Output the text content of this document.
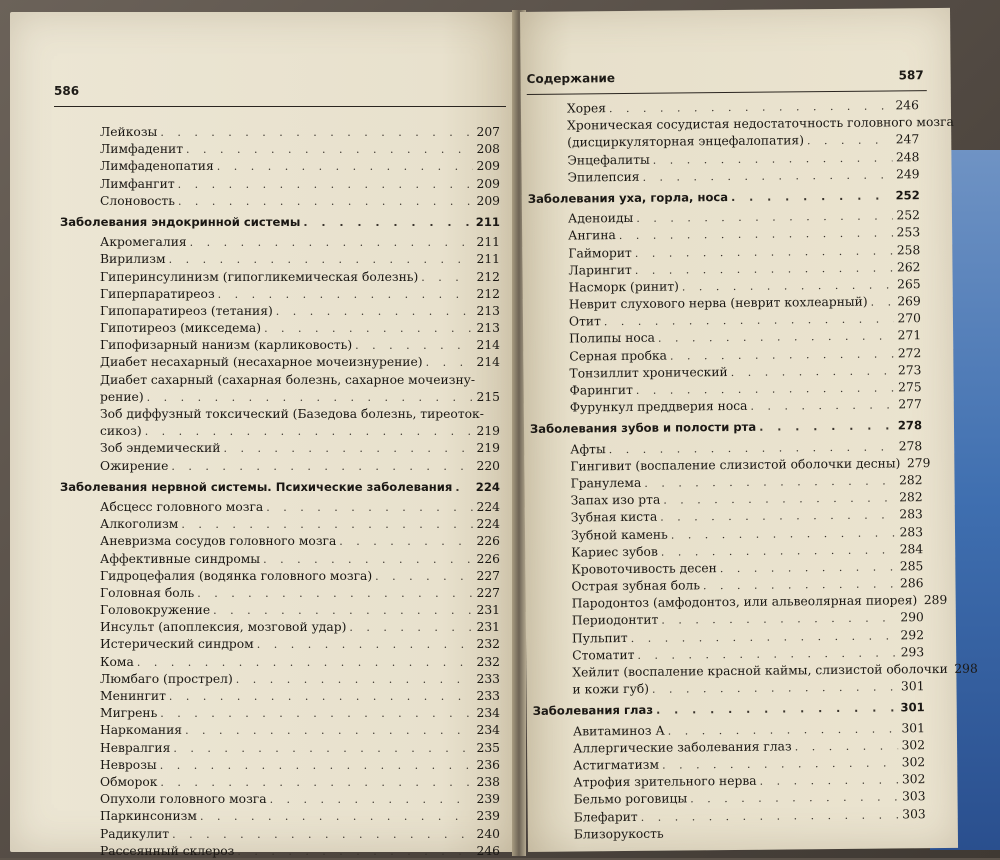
586
Лейкозы . . .	207
Лимфаденит . . .	208
Лимфаденопатия . . .	209
Лимфангит . . .	209
Слоновость . . .	209
Заболевания эндокринной системы . . .	211
Акромегалия . . .	211
Вирилизм . . .	211
Гиперинсулинизм (гипогликемическая болезнь) . . .	212
Гиперпаратиреоз . . .	212
Гипопаратиреоз (тетания) . . .	213
Гипотиреоз (микседема) . . .	213
Гипофизарный нанизм (карликовость) . . .	214
Диабет несахарный (несахарное мочеизнурение) . . .	214
Диабет сахарный (сахарная болезнь, сахарное мочеизну-
рение) . . .	215
Зоб диффузный токсический (Базедова болезнь, тиреоток-
сикоз) . . .	219
Зоб эндемический . . .	219
Ожирение . . .	220
Заболевания нервной системы. Психические заболевания . . . 224
Абсцесс головного мозга . . .	224
Алкоголизм . . .	224
Аневризма сосудов головного мозга . . .	226
Аффективные синдромы . . .	226
Гидроцефалия (водянка головного мозга) . . .	227
Головная боль . . .	227
Головокружение . . .	231
Инсульт (апоплексия, мозговой удар) . . .	231
Истерический синдром . . .	232
Кома . . .	232
Люмбаго (прострел) . . .	233
Менингит . . .	233
Мигрень . . .	234
Наркомания . . .	234
Невралгия . . .	235
Неврозы . . .	236
Обморок . . .	238
Опухоли головного мозга . . .	239
Паркинсонизм . . .	239
Радикулит . . .	240
Рассеянный склероз . . .	246
Содержание	587
Хорея . . .	246
Хроническая сосудистая недостаточность головного мозга
(дисциркуляторная энцефалопатия) . . .	247
Энцефалиты . . .	248
Эпилепсия . . .	249
Заболевания уха, горла, носа . . .	252
Аденоиды . . .	252
Ангина . . .	253
Гайморит . . .	258
Ларингит . . .	262
Насморк (ринит) . . .	265
Неврит слухового нерва (неврит кохлеарный) . . . 269
Отит . . .	270
Полипы носа . . .	271
Серная пробка . . .	272
Тонзиллит хронический . . .	273
Фарингит . . .	275
Фурункул преддверия носа . . .	277
Заболевания зубов и полости рта . . .	278
Афты . . .	278
Гингивит (воспаление слизистой оболочки десны) . . . 279
Гранулема . . .	282
Запах изо рта . . .	282
Зубная киста . . .	283
Зубной камень . . .	283
Кариес зубов . . .	284
Кровоточивость десен . . .	285
Острая зубная боль . . .	286
Пародонтоз (амфодонтоз, или альвеолярная пиорея) . . . 289
Периодонтит . . .	290
Пульпит . . .	292
Стоматит . . .	293
Хейлит (воспаление красной каймы, слизистой оболочки . . . 298
и кожи губ) . . .	301
Заболевания глаз . . .	301
Авитаминоз А . . .	301
Аллергические заболевания глаз . . .	302
Астигматизм . . .	302
Атрофия зрительного нерва . . .	302
Бельмо роговицы . . .	303
Блефарит . . .	303
Близорукость
